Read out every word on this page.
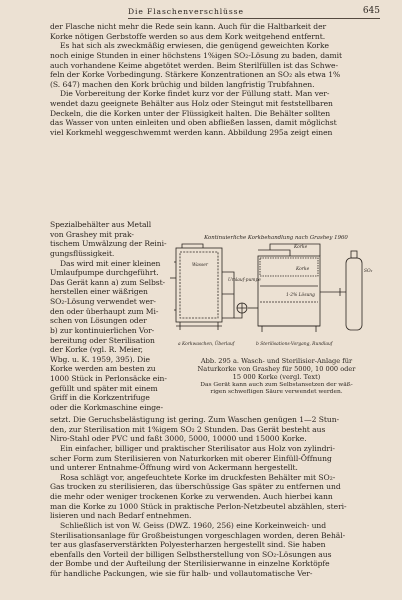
Die Flaschenverschlüsse	645

der Flasche nicht mehr die Rede sein kann. Auch für die Haltbarkeit der

Korke nötigen Gerbstoffe werden so aus dem Kork weitgehend entfernt.

Es hat sich als zweckmäßig erwiesen, die genügend geweichten Korke

noch einige Stunden in einer höchstens 1%igen SO₂-Lösung zu baden, damit

auch vorhandene Keime abgetötet werden. Beim Sterilfüllen ist das Schwe-

feln der Korke Vorbedingung. Stärkere Konzentrationen an SO₂ als etwa 1%

(S. 647) machen den Kork brüchig und bilden langfristig Trubfahnen.

Die Vorbereitung der Korke findet kurz vor der Füllung statt. Man ver-

wendet dazu geeignete Behälter aus Holz oder Steingut mit feststellbaren

Deckeln, die die Korken unter der Flüssigkeit halten. Die Behälter sollten

das Wasser von unten einleiten und oben abfließen lassen, damit möglichst

viel Korkmehl weggeschwemmt werden kann. Abbildung 295a zeigt einen

Spezialbehälter aus Metall

von Grashey mit prak-

tischem Umwälzung der Reini-

gungsflüssigkeit.

Das wird mit einer kleinen

Umlaufpumpe durchgeführt.

Das Gerät kann a) zum Selbst-

herstellen einer wäßrigen

SO₂-Lösung verwendet wer-

den oder überhaupt zum Mi-

schen von Lösungen oder

b) zur kontinuierlichen Vor-

bereitung oder Sterilisation

der Korke (vgl. R. Meier,

Wbg. u. K. 1959, 395). Die

Korke werden am besten zu

1000 Stück in Perlonsäcke ein-

gefüllt und später mit einem

Griff in die Korkzentrifuge

oder die Korkmaschine einge-

Kontinuierliche Korkbehandlung nach Grashey 1960
Wasser
Umlauf-pumpe
Korke
Korke
1-2% Lösung
SO₂
a Korkwaschen, Überlauf	b Sterilisations-Vorgang, Rundlauf
Abb. 295 a. Wasch- und Sterilisier-Anlage für
Naturkorke von Grashey für 5000, 10 000 oder
15 000 Korke (vergl. Text)
Das Gerät kann auch zum Selbstansetzen der wäß-
rigen schwefligen Säure verwendet werden.

setzt. Die Geruchsbelästigung ist gering. Zum Waschen genügen 1—2 Stun-

den, zur Sterilisation mit 1%igem SO₂ 2 Stunden. Das Gerät besteht aus

Niro-Stahl oder PVC und faßt 3000, 5000, 10000 und 15000 Korke.

Ein einfacher, billiger und praktischer Sterilisator aus Holz von zylindri-

scher Form zum Sterilisieren von Naturkorken mit oberer Einfüll-Öffnung

und unterer Entnahme-Öffnung wird von Ackermann hergestellt.

Rosa schlägt vor, angefeuchtete Korke im druckfesten Behälter mit SO₂-

Gas trocken zu sterilisieren, das überschüssige Gas später zu entfernen und

die mehr oder weniger trockenen Korke zu verwenden. Auch hierbei kann

man die Korke zu 1000 Stück in praktische Perlon-Netzbeutel abzählen, steri-

lisieren und nach Bedarf entnehmen.

Schließlich ist von W. Geiss (DWZ. 1960, 256) eine Korkeinweich- und

Sterilisationsanlage für Großbeistungen vorgeschlagen worden, deren Behäl-

ter aus glasfaserverstärkten Polyesterharzen hergestellt sind. Sie haben

ebenfalls den Vorteil der billigen Selbstherstellung von SO₂-Lösungen aus

der Bombe und der Aufteilung der Sterilisierwanne in einzelne Korktöpfe

für handliche Packungen, wie sie für halb- und vollautomatische Ver-
